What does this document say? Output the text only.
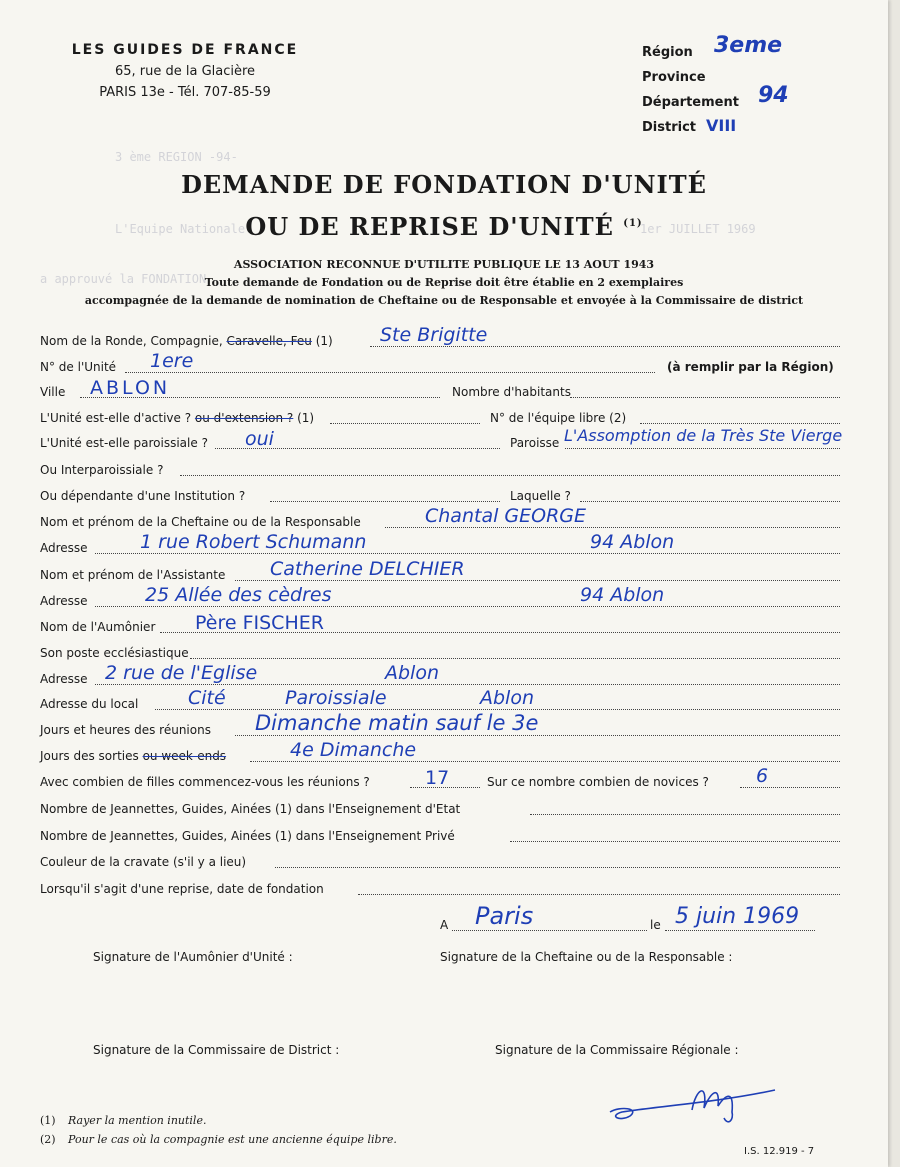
LES GUIDES DE FRANCE
65, rue de la Glacière
PARIS 13e - Tél. 707-85-59
Région 3eme
Province
Département 94
District VIII
3 ème REGION -94-
L'Equipe Nationale	1er JUILLET 1969
a approuvé la FONDATION
DEMANDE DE FONDATION D'UNITÉ
OU DE REPRISE D'UNITÉ $^{(1)}$
ASSOCIATION RECONNUE D'UTILITE PUBLIQUE LE 13 AOUT 1943
Toute demande de Fondation ou de Reprise doit être établie en 2 exemplaires
accompagnée de la demande de nomination de Cheftaine ou de Responsable et envoyée à la Commissaire de district
Nom de la Ronde, Compagnie, Caravelle, Feu (1) Ste Brigitte
N° de l'Unité 1ere	(à remplir par la Région)
Ville ABLON	Nombre d'habitants
L'Unité est-elle d'active ? ou d'extension ? (1)	N° de l'équipe libre (2)
L'Unité est-elle paroissiale ? oui	Paroisse L'Assomption de la Très Ste Vierge
Ou Interparoissiale ?
Ou dépendante d'une Institution ?	Laquelle ?
Nom et prénom de la Cheftaine ou de la Responsable	Chantal GEORGE
Adresse	1 rue Robert Schumann	94 Ablon
Nom et prénom de l'Assistante Catherine DELCHIER
Adresse	25 Allée des cèdres	94 Ablon
Nom de l'Aumônier Père FISCHER
Son poste ecclésiastique
Adresse 2 rue de l'Eglise	Ablon
Adresse du local	Cité	Paroissiale	Ablon
Jours et heures des réunions Dimanche matin sauf le 3e
Jours des sorties ou week-ends	4e Dimanche
Avec combien de filles commencez-vous les réunions ?	17	Sur ce nombre combien de novices ? 6
Nombre de Jeannettes, Guides, Ainées (1) dans l'Enseignement d'Etat
Nombre de Jeannettes, Guides, Ainées (1) dans l'Enseignement Privé
Couleur de la cravate (s'il y a lieu)
Lorsqu'il s'agit d'une reprise, date de fondation
A Paris	le 5 juin 1969
Signature de l'Aumônier d'Unité :	Signature de la Cheftaine ou de la Responsable :
Signature de la Commissaire de District :	Signature de la Commissaire Régionale :
(1) Rayer la mention inutile.
(2) Pour le cas où la compagnie est une ancienne équipe libre.
I.S. 12.919 - 7
